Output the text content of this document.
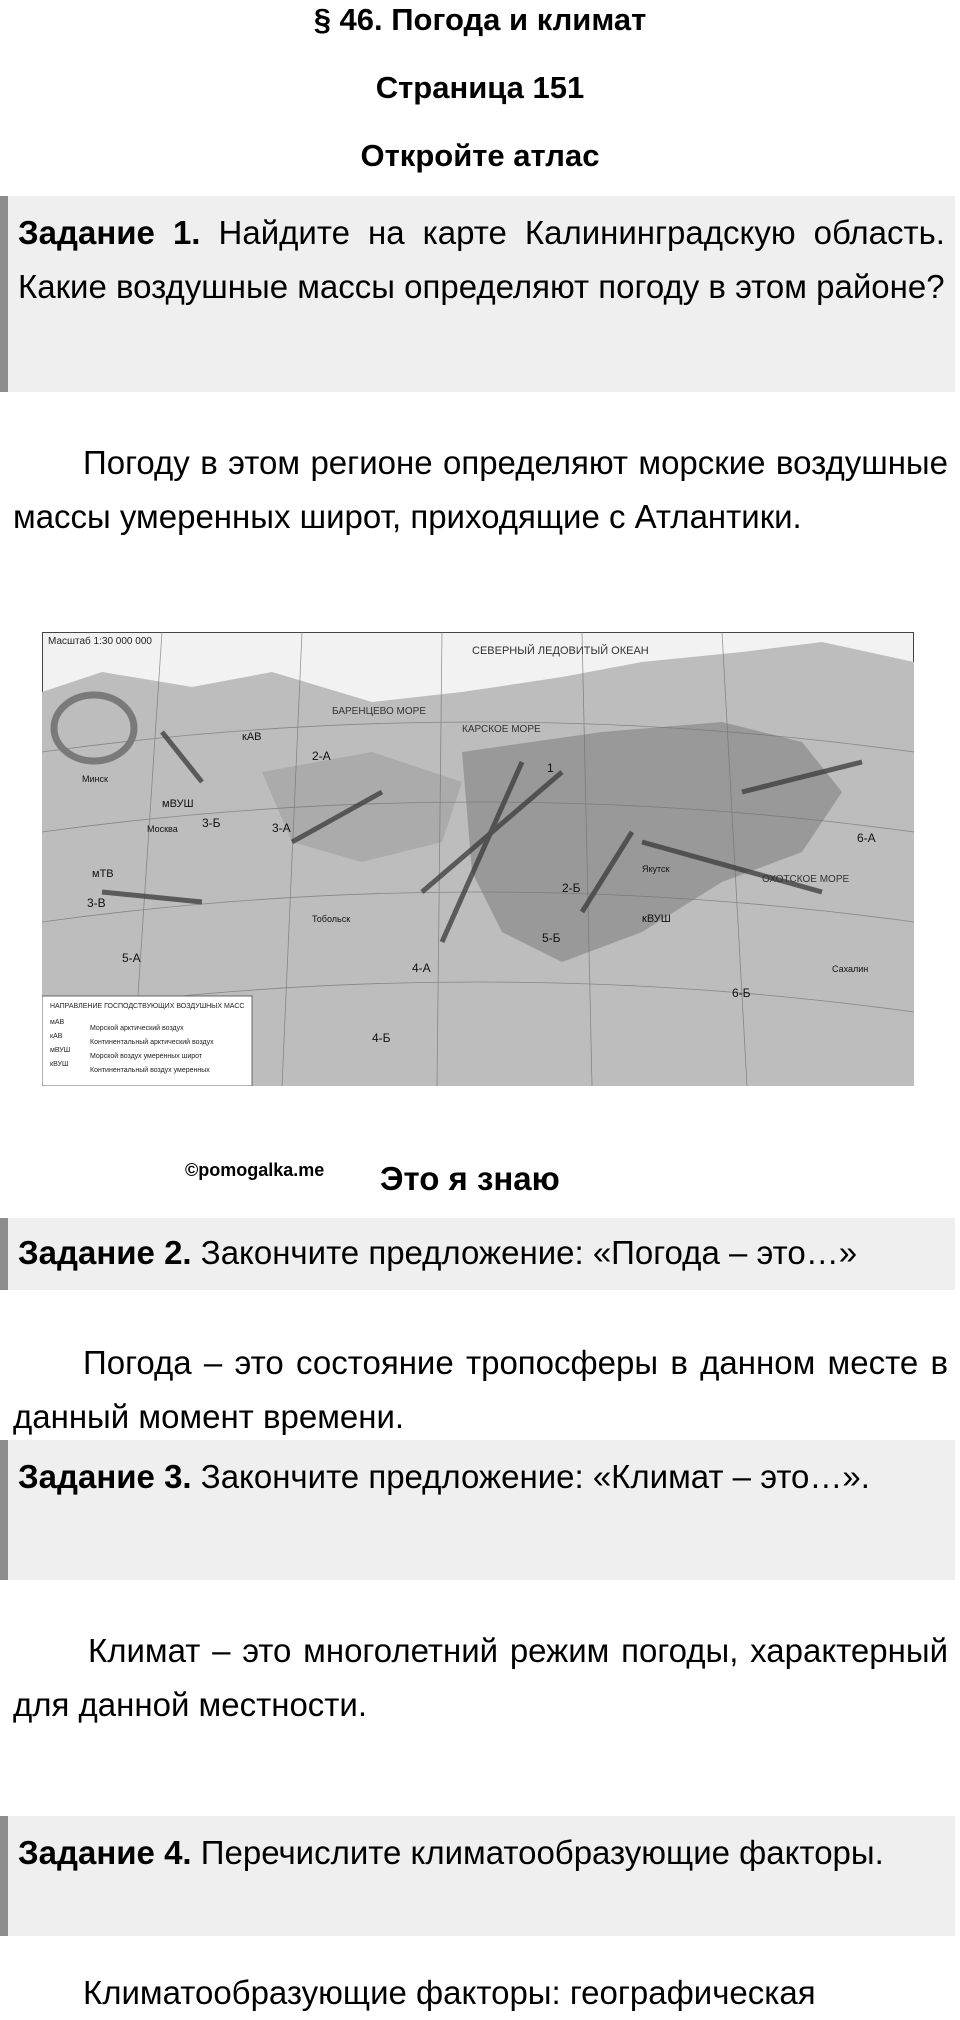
§ 46. Погода и климат
Страница 151
Откройте атлас
Задание 1. Найдите на карте Калининградскую область. Какие воздушные массы определяют погоду в этом районе?

Погоду в этом регионе определяют морские воздушные массы умеренных широт, приходящие с Атлантики.

Масштаб 1:30 000 000
СЕВЕРНЫЙ ЛЕДОВИТЫЙ ОКЕАН
БАРЕНЦЕВО МОРЕ
КАРСКОЕ МОРЕ
ОХОТСКОЕ МОРЕ
2-А
3-А
3-Б
3-В
2-Б
4-А
4-Б
5-А
5-Б
6-А
6-Б
1
кАВ
мВУШ
кВУШ
мТВ
Москва
Минск
Тобольск
Якутск
Сахалин
НАПРАВЛЕНИЕ ГОСПОДСТВУЮЩИХ ВОЗДУШНЫХ МАСС
мАВ
Морской арктический воздух
кАВ
Континентальный арктический воздух
мВУШ
Морской воздух умеренных широт
кВУШ
Континентальный воздух умеренных
©pomogalka.me Это я знаю
Задание 2. Закончите предложение: «Погода – это…»

Погода – это состояние тропосферы в данном месте в данный момент времени.

Задание 3. Закончите предложение: «Климат – это…».

Климат – это многолетний режим погоды, характерный для данной местности.

Задание 4. Перечислите климатообразующие факторы.

Климатообразующие факторы: географическая
